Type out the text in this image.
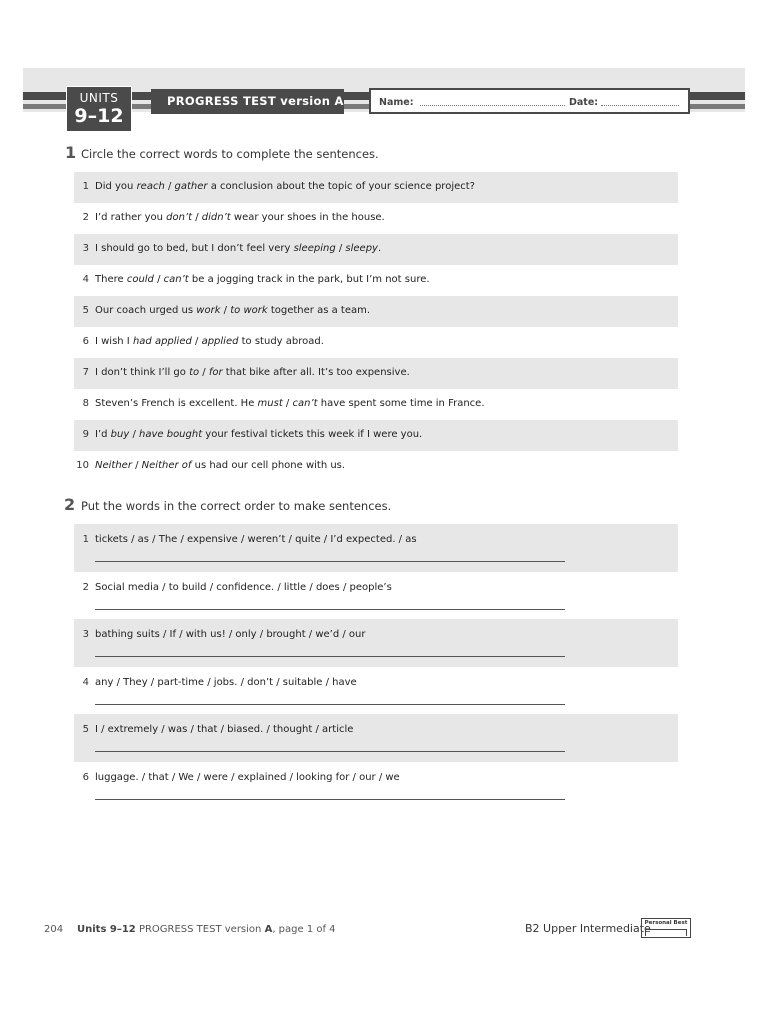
UNITS
9–12
PROGRESS TEST version A	Name:	Date:
1 Circle the correct words to complete the sentences.
1 Did you reach / gather a conclusion about the topic of your science project?
2 I’d rather you don’t / didn’t wear your shoes in the house.
3 I should go to bed, but I don’t feel very sleeping / sleepy.
4 There could / can’t be a jogging track in the park, but I’m not sure.
5 Our coach urged us work / to work together as a team.
6 I wish I had applied / applied to study abroad.
7 I don’t think I’ll go to / for that bike after all. It’s too expensive.
8 Steven’s French is excellent. He must / can’t have spent some time in France.
9 I’d buy / have bought your festival tickets this week if I were you.
10 Neither / Neither of us had our cell phone with us.
2 Put the words in the correct order to make sentences.
1 tickets / as / The / expensive / weren’t / quite / I’d expected. / as
2 Social media / to build / confidence. / little / does / people’s
3 bathing suits / If / with us! / only / brought / we’d / our
4 any / They / part-time / jobs. / don’t / suitable / have
5 I / extremely / was / that / biased. / thought / article
6 luggage. / that / We / were / explained / looking for / our / we
204 Units 9–12 PROGRESS TEST version A, page 1 of 4	B2 Upper Intermediate
Personal Best
